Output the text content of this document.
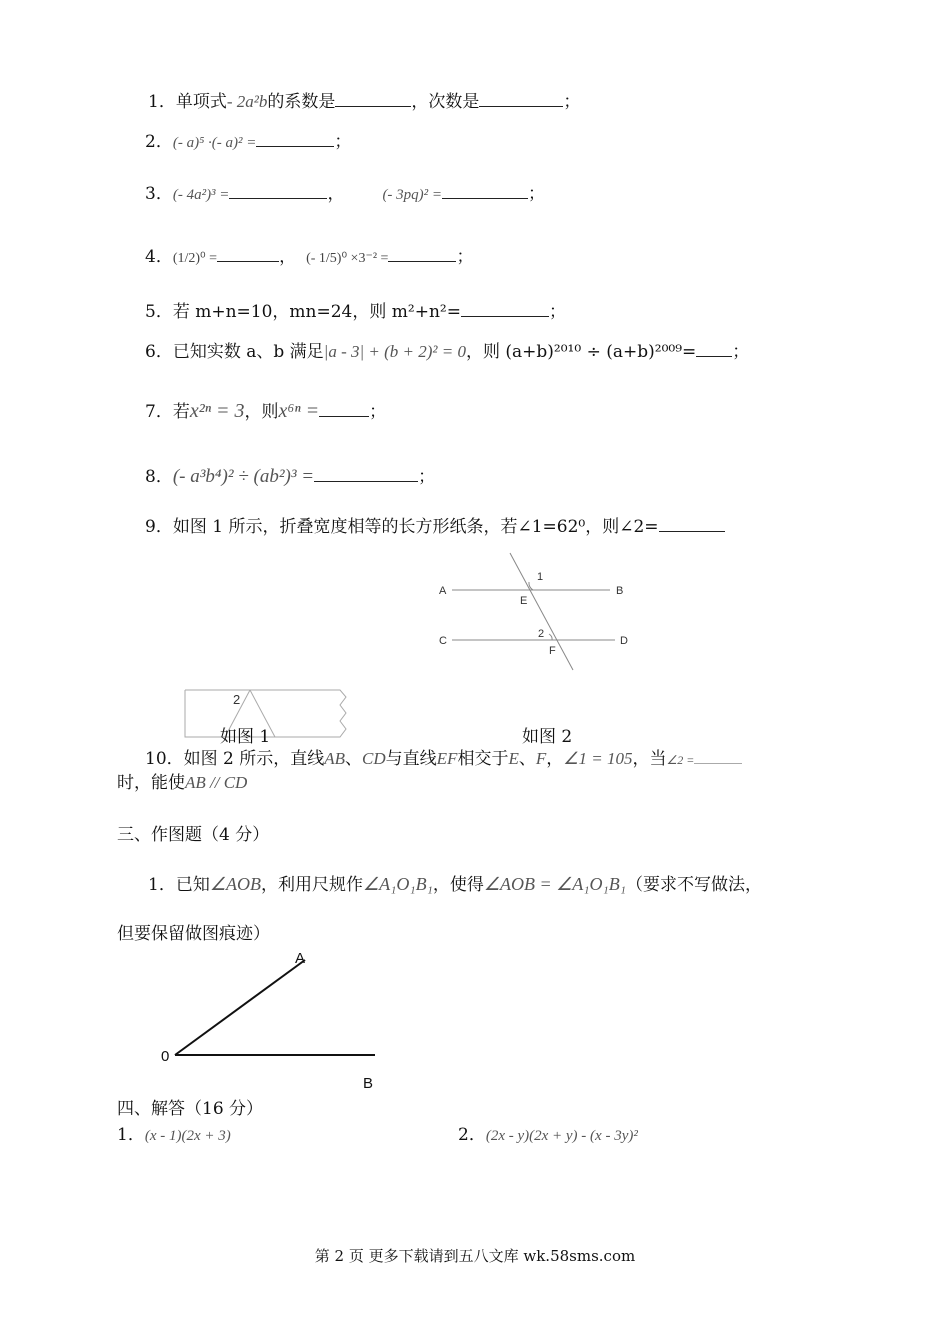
1．单项式- 2a²b的系数是	，次数是	；
2．(- a)⁵ ·(- a)² =	；
3．(- 4a²)³ =	，	(- 3pq)² =	；
4．(1/2)⁰ =	， (- 1/5)⁰ ×3⁻² =	；
5．若 m+n=10，mn=24，则 m²+n²=	；
6．已知实数 a、b 满足|a - 3| + (b + 2)² = 0，则 (a+b)²⁰¹⁰ ÷ (a+b)²⁰⁰⁹= ；
7．若x²ⁿ = 3，则x⁶ⁿ =	；
8．(- a³b⁴)² ÷ (ab²)³ =	；
9．如图 1 所示，折叠宽度相等的长方形纸条，若∠1=62⁰，则∠2=
A	B
C	D
E
F
1
2
2
如图 1	如图 2
10．如图 2 所示，直线AB、CD与直线EF相交于E、F，∠1 = 105，当∠2 =
时，能使AB // CD
三、作图题（4 分）
1．已知∠AOB，利用尺规作∠A₁O₁B₁，使得∠AOB = ∠A₁O₁B₁（要求不写做法，
但要保留做图痕迹）
A
0
B
四、解答（16 分）
1．(x - 1)(2x + 3)	2．(2x - y)(2x + y) - (x - 3y)²
第 2 页 更多下载请到五八文库 wk.58sms.com
